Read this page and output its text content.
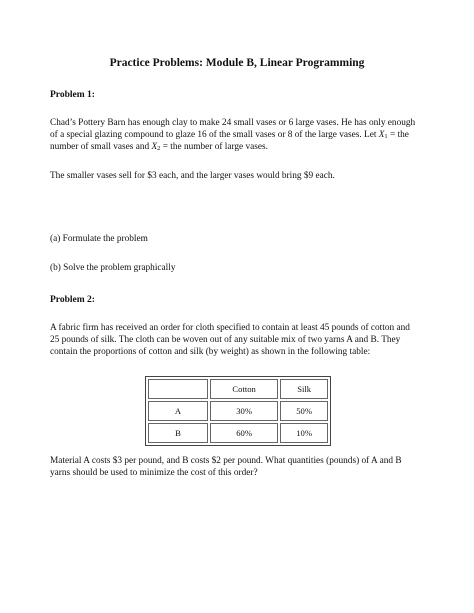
Practice Problems: Module B, Linear Programming
Problem 1:
Chad’s Pottery Barn has enough clay to make 24 small vases or 6 large vases. He has only enough
of a special glazing compound to glaze 16 of the small vases or 8 of the large vases. Let $X_1$ = the
number of small vases and $X_2$ = the number of large vases.
The smaller vases sell for $3 each, and the larger vases would bring $9 each.
(a) Formulate the problem
(b) Solve the problem graphically
Problem 2:
A fabric firm has received an order for cloth specified to contain at least 45 pounds of cotton and
25 pounds of silk. The cloth can be woven out of any suitable mix of two yarns A and B. They
contain the proportions of cotton and silk (by weight) as shown in the following table:
	Cotton	Silk
A	30%	50%
B	60%	10%
Material A costs $3 per pound, and B costs $2 per pound. What quantities (pounds) of A and B
yarns should be used to minimize the cost of this order?
